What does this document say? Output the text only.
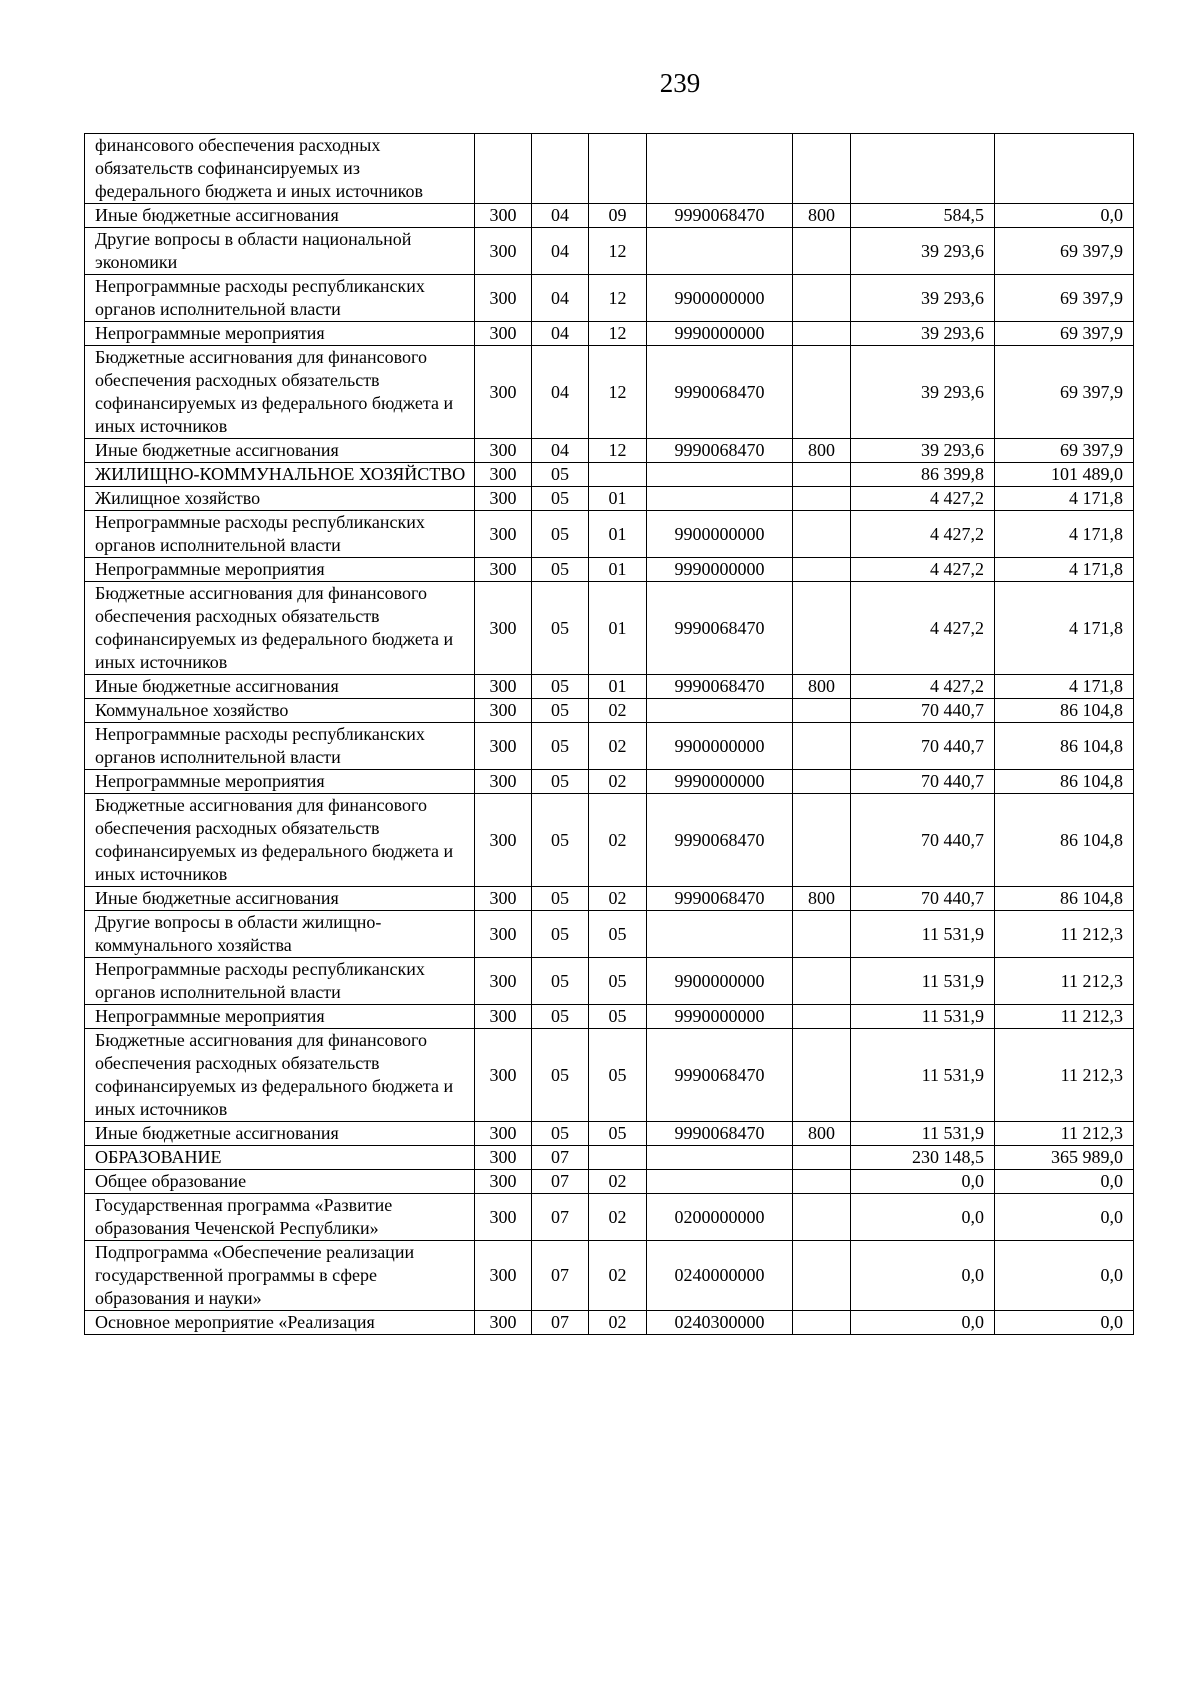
239
финансового обеспечения расходных обязательств софинансируемых из федерального бюджета и иных источников							
Иные бюджетные ассигнования	300	04	09	9990068470	800	584,5	0,0
Другие вопросы в области национальной экономики	300	04	12			39 293,6	69 397,9
Непрограммные расходы республиканских органов исполнительной власти	300	04	12	9900000000		39 293,6	69 397,9
Непрограммные мероприятия	300	04	12	9990000000		39 293,6	69 397,9
Бюджетные ассигнования для финансового обеспечения расходных обязательств софинансируемых из федерального бюджета и иных источников	300	04	12	9990068470		39 293,6	69 397,9
Иные бюджетные ассигнования	300	04	12	9990068470	800	39 293,6	69 397,9
ЖИЛИЩНО-КОММУНАЛЬНОЕ ХОЗЯЙСТВО	300	05				86 399,8	101 489,0
Жилищное хозяйство	300	05	01			4 427,2	4 171,8
Непрограммные расходы республиканских органов исполнительной власти	300	05	01	9900000000		4 427,2	4 171,8
Непрограммные мероприятия	300	05	01	9990000000		4 427,2	4 171,8
Бюджетные ассигнования для финансового обеспечения расходных обязательств софинансируемых из федерального бюджета и иных источников	300	05	01	9990068470		4 427,2	4 171,8
Иные бюджетные ассигнования	300	05	01	9990068470	800	4 427,2	4 171,8
Коммунальное хозяйство	300	05	02			70 440,7	86 104,8
Непрограммные расходы республиканских органов исполнительной власти	300	05	02	9900000000		70 440,7	86 104,8
Непрограммные мероприятия	300	05	02	9990000000		70 440,7	86 104,8
Бюджетные ассигнования для финансового обеспечения расходных обязательств софинансируемых из федерального бюджета и иных источников	300	05	02	9990068470		70 440,7	86 104,8
Иные бюджетные ассигнования	300	05	02	9990068470	800	70 440,7	86 104,8
Другие вопросы в области жилищно-коммунального хозяйства	300	05	05			11 531,9	11 212,3
Непрограммные расходы республиканских органов исполнительной власти	300	05	05	9900000000		11 531,9	11 212,3
Непрограммные мероприятия	300	05	05	9990000000		11 531,9	11 212,3
Бюджетные ассигнования для финансового обеспечения расходных обязательств софинансируемых из федерального бюджета и иных источников	300	05	05	9990068470		11 531,9	11 212,3
Иные бюджетные ассигнования	300	05	05	9990068470	800	11 531,9	11 212,3
ОБРАЗОВАНИЕ	300	07				230 148,5	365 989,0
Общее образование	300	07	02			0,0	0,0
Государственная программа «Развитие образования Чеченской Республики»	300	07	02	0200000000		0,0	0,0
Подпрограмма «Обеспечение реализации государственной программы в сфере образования и науки»	300	07	02	0240000000		0,0	0,0
Основное мероприятие «Реализация	300	07	02	0240300000		0,0	0,0
